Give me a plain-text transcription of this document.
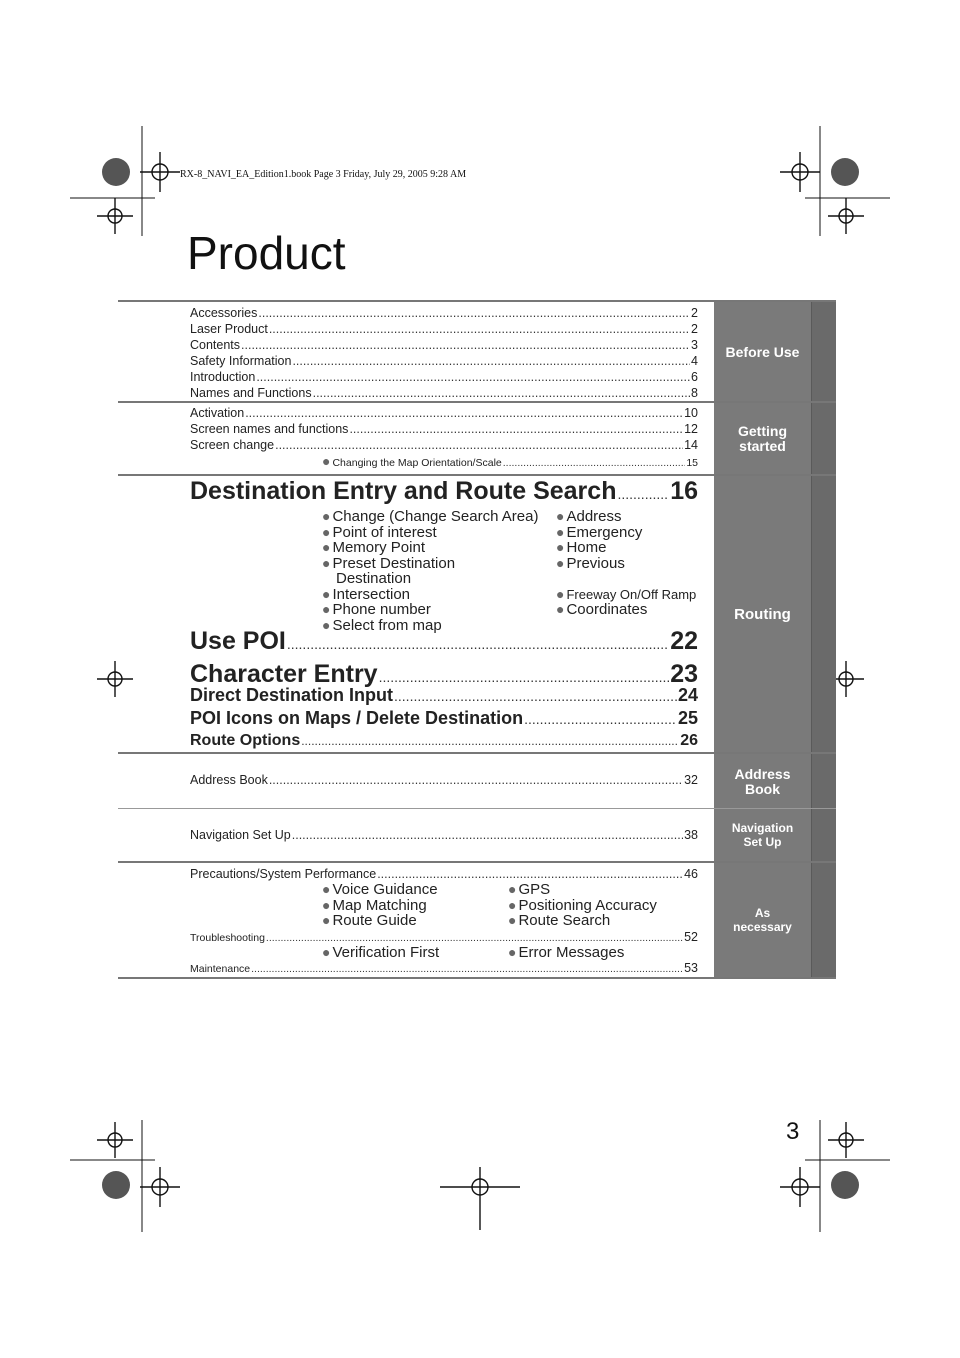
RX-8_NAVI_EA_Edition1.book Page 3 Friday, July 29, 2005 9:28 AM
Product
Before Use
Accessories .....	2
Laser Product .....	2
Contents .....	3
Safety Information .....	4
Introduction .....	6
Names and Functions .....	8
Getting
started
Activation .....	10
Screen names and functions .....	12
Screen change .....	14
● Changing the Map Orientation/Scale .....	15
Routing
Destination Entry and Route Search ..... 16
● Change (Change Search Area)
● Point of interest
● Memory Point
● Preset Destination
Destination
● Intersection
● Phone number
● Select from map
● Address
● Emergency
● Home
● Previous
● Freeway On/Off Ramp
● Coordinates
Use POI .....	22
Character Entry .....	23
Direct Destination Input .....	24
POI Icons on Maps / Delete Destination .....	25
Route Options .....	26
Address
Book
Address Book .....	32
Navigation
Set Up
Navigation Set Up .....	38
As
necessary
Precautions/System Performance .....	46
● Voice Guidance
● Map Matching
● Route Guide
● GPS
● Positioning Accuracy
● Route Search
Troubleshooting .....	52
● Verification First	● Error Messages
Maintenance .....	53
3
